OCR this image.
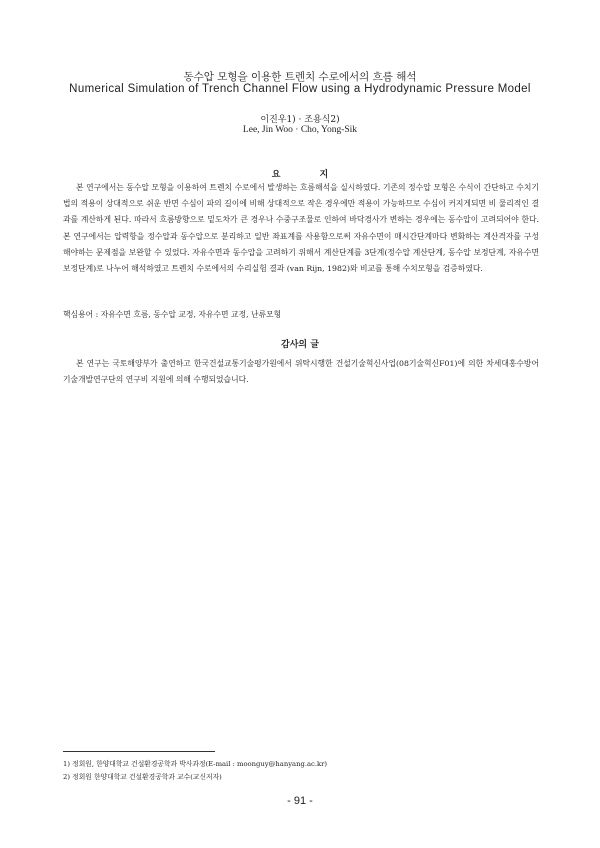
동수압 모형을 이용한 트렌치 수로에서의 흐름 해석
Numerical Simulation of Trench Channel Flow using a Hydrodynamic Pressure Model
이진우1) · 조용식2)
Lee, Jin Woo · Cho, Yong-Sik
요 지
본 연구에서는 동수압 모형을 이용하여 트렌치 수로에서 발생하는 흐름해석을 실시하였다. 기존의 정수압 모형은 수식이 간단하고 수치기법의 적용이 상대적으로 쉬운 반면 수심이 파의 길이에 비해 상대적으로 작은 경우에만 적용이 가능하므로 수심이 커지게되면 비 물리적인 결과를 계산하게 된다. 따라서 흐름방향으로 밑도차가 큰 경우나 수중구조물로 인하여 바닥경사가 변하는 경우에는 동수압이 고려되어야 한다. 본 연구에서는 압력항을 정수압과 동수압으로 분리하고 일반 좌표계를 사용함으로써 자유수면이 매시간단계마다 변화하는 계산격자를 구성해야하는 문제점을 보완할 수 있었다. 자유수면과 동수압을 고려하기 위해서 계산단계를 3단계(정수압 계산단계, 동수압 보정단계, 자유수면 보정단계)로 나누어 해석하였고 트렌치 수로에서의 수리실험 결과 (van Rijn, 1982)와 비교를 통해 수치모형을 검증하였다.
핵심용어 : 자유수면 흐름, 동수압 교정, 자유수면 교정, 난류모형
감사의 글
본 연구는 국토해양부가 출연하고 한국건설교통기술평가원에서 위탁시행한 건설기술혁신사업(08기술혁신F01)에 의한 차세대홍수방어기술개발연구단의 연구비 지원에 의해 수행되었습니다.
1) 정회원, 한양대학교 건설환경공학과 박사과정(E-mail : moonguy@hanyang.ac.kr)
2) 정회원 한양대학교 건설환경공학과 교수(교신저자)
- 91 -
